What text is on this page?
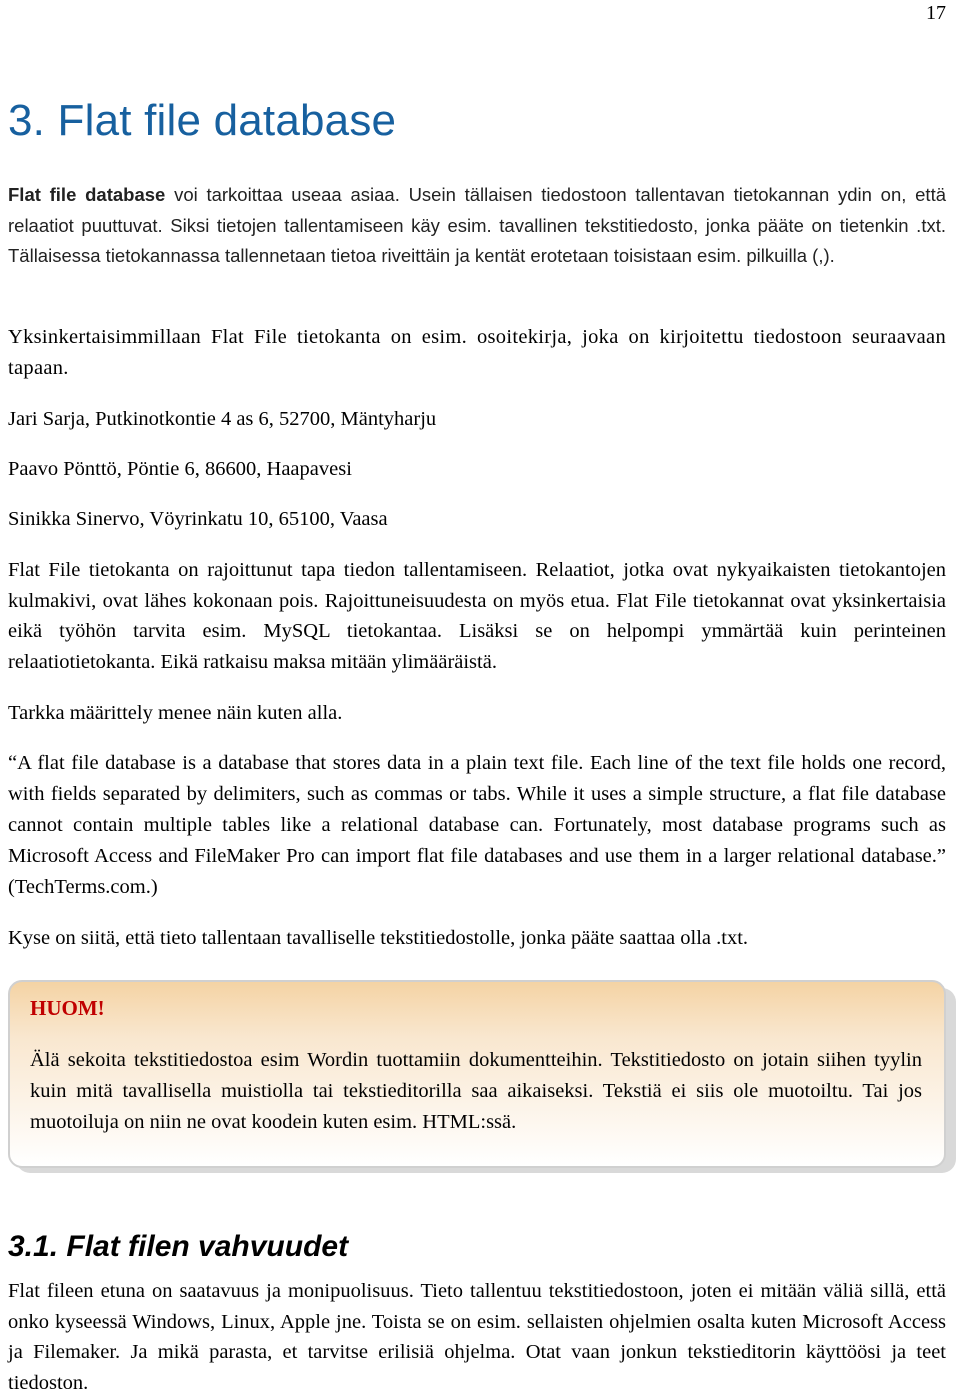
17
3. Flat file database

Flat file database voi tarkoittaa useaa asiaa. Usein tällaisen tiedostoon tallentavan tietokannan ydin on, että relaatiot puuttuvat. Siksi tietojen tallentamiseen käy esim. tavallinen tekstitiedosto, jonka pääte on tietenkin .txt. Tällaisessa tietokannassa tallennetaan tietoa riveittäin ja kentät erotetaan toisistaan esim. pilkuilla (,).

Yksinkertaisimmillaan Flat File tietokanta on esim. osoitekirja, joka on kirjoitettu tiedostoon seuraavaan tapaan.

Jari Sarja, Putkinotkontie 4 as 6, 52700, Mäntyharju

Paavo Pönttö, Pöntie 6, 86600, Haapavesi

Sinikka Sinervo, Vöyrinkatu 10, 65100, Vaasa

Flat File tietokanta on rajoittunut tapa tiedon tallentamiseen. Relaatiot, jotka ovat nykyaikaisten tietokantojen kulmakivi, ovat lähes kokonaan pois. Rajoittuneisuudesta on myös etua. Flat File tietokannat ovat yksinkertaisia eikä työhön tarvita esim. MySQL tietokantaa. Lisäksi se on helpompi ymmärtää kuin perinteinen relaatiotietokanta. Eikä ratkaisu maksa mitään ylimääräistä.

Tarkka määrittely menee näin kuten alla.

“A flat file database is a database that stores data in a plain text file. Each line of the text file holds one record, with fields separated by delimiters, such as commas or tabs. While it uses a simple structure, a flat file database cannot contain multiple tables like a relational database can. Fortunately, most database programs such as Microsoft Access and FileMaker Pro can import flat file databases and use them in a larger relational database.” (TechTerms.com.)

Kyse on siitä, että tieto tallentaan tavalliselle tekstitiedostolle, jonka pääte saattaa olla .txt.

HUOM!

Älä sekoita tekstitiedostoa esim Wordin tuottamiin dokumentteihin. Tekstitiedosto on jotain siihen tyylin kuin mitä tavallisella muistiolla tai tekstieditorilla saa aikaiseksi. Tekstiä ei siis ole muotoiltu. Tai jos muotoiluja on niin ne ovat koodein kuten esim. HTML:ssä.

3.1. Flat filen vahvuudet

Flat fileen etuna on saatavuus ja monipuolisuus. Tieto tallentuu tekstitiedostoon, joten ei mitään väliä sillä, että onko kyseessä Windows, Linux, Apple jne. Toista se on esim. sellaisten ohjelmien osalta kuten Microsoft Access ja Filemaker. Ja mikä parasta, et tarvitse erilisiä ohjelma. Otat vaan jonkun tekstieditorin käyttöösi ja teet tiedoston.
